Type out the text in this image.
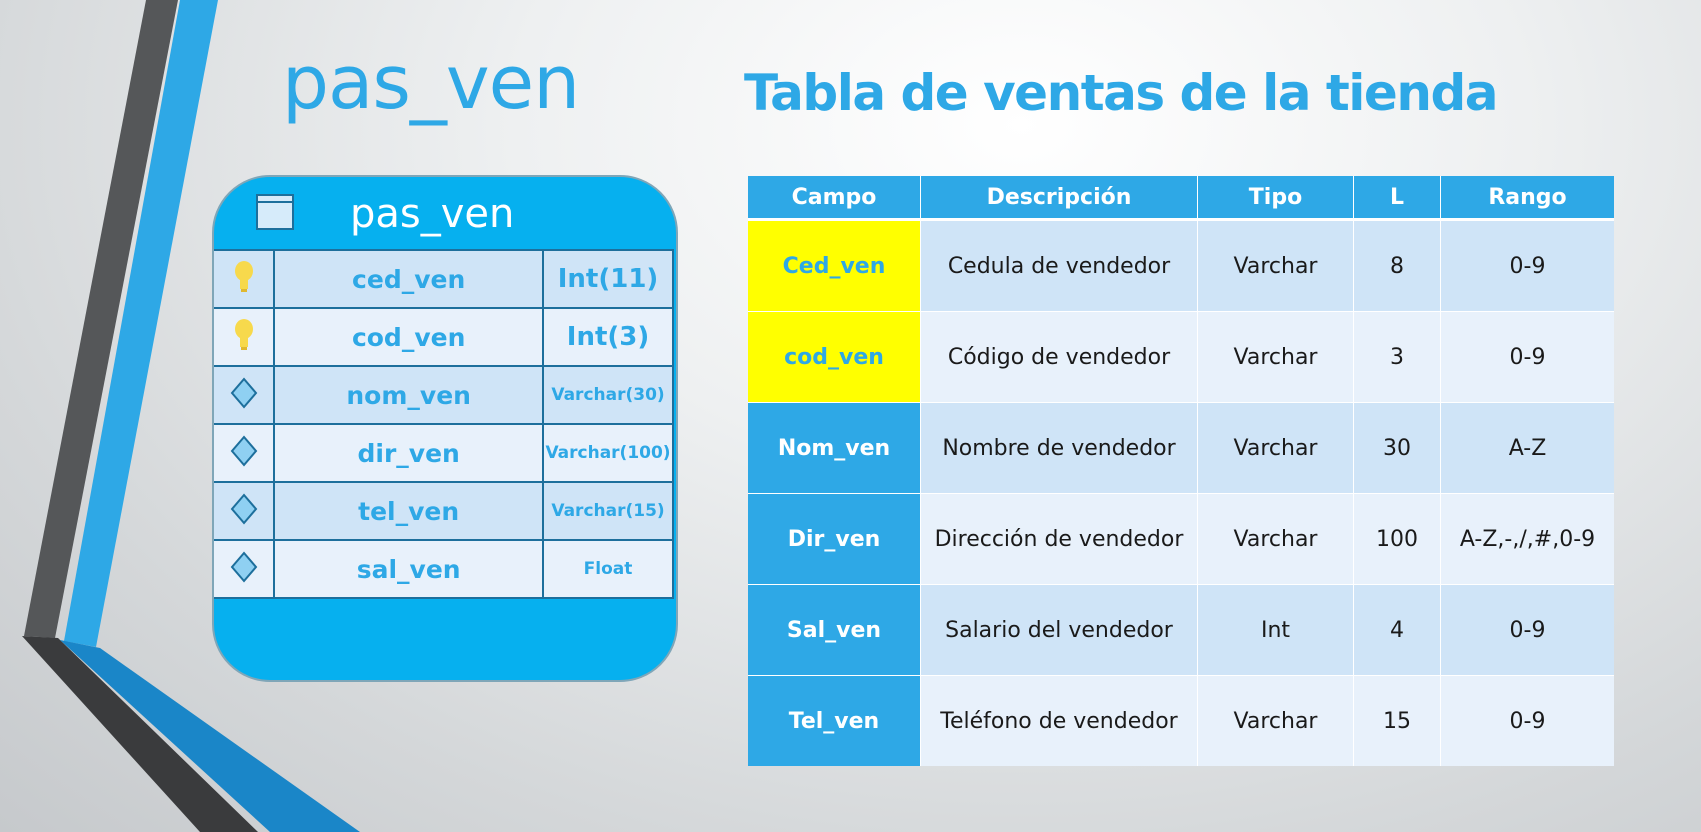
pas_ven	Tabla de ventas de la tienda
pas_ven
	ced_ven	Int(11)
	cod_ven	Int(3)
	nom_ven	Varchar(30)
	dir_ven	Varchar(100)
	tel_ven	Varchar(15)
	sal_ven	Float
Campo	Descripción	Tipo	L	Rango
Ced_ven	Cedula de vendedor	Varchar	8	0-9
cod_ven	Código de vendedor	Varchar	3	0-9
Nom_ven	Nombre de vendedor	Varchar	30	A-Z
Dir_ven	Dirección de vendedor	Varchar	100	A-Z,-,/,#,0-9
Sal_ven	Salario del vendedor	Int	4	0-9
Tel_ven	Teléfono de vendedor	Varchar	15	0-9
